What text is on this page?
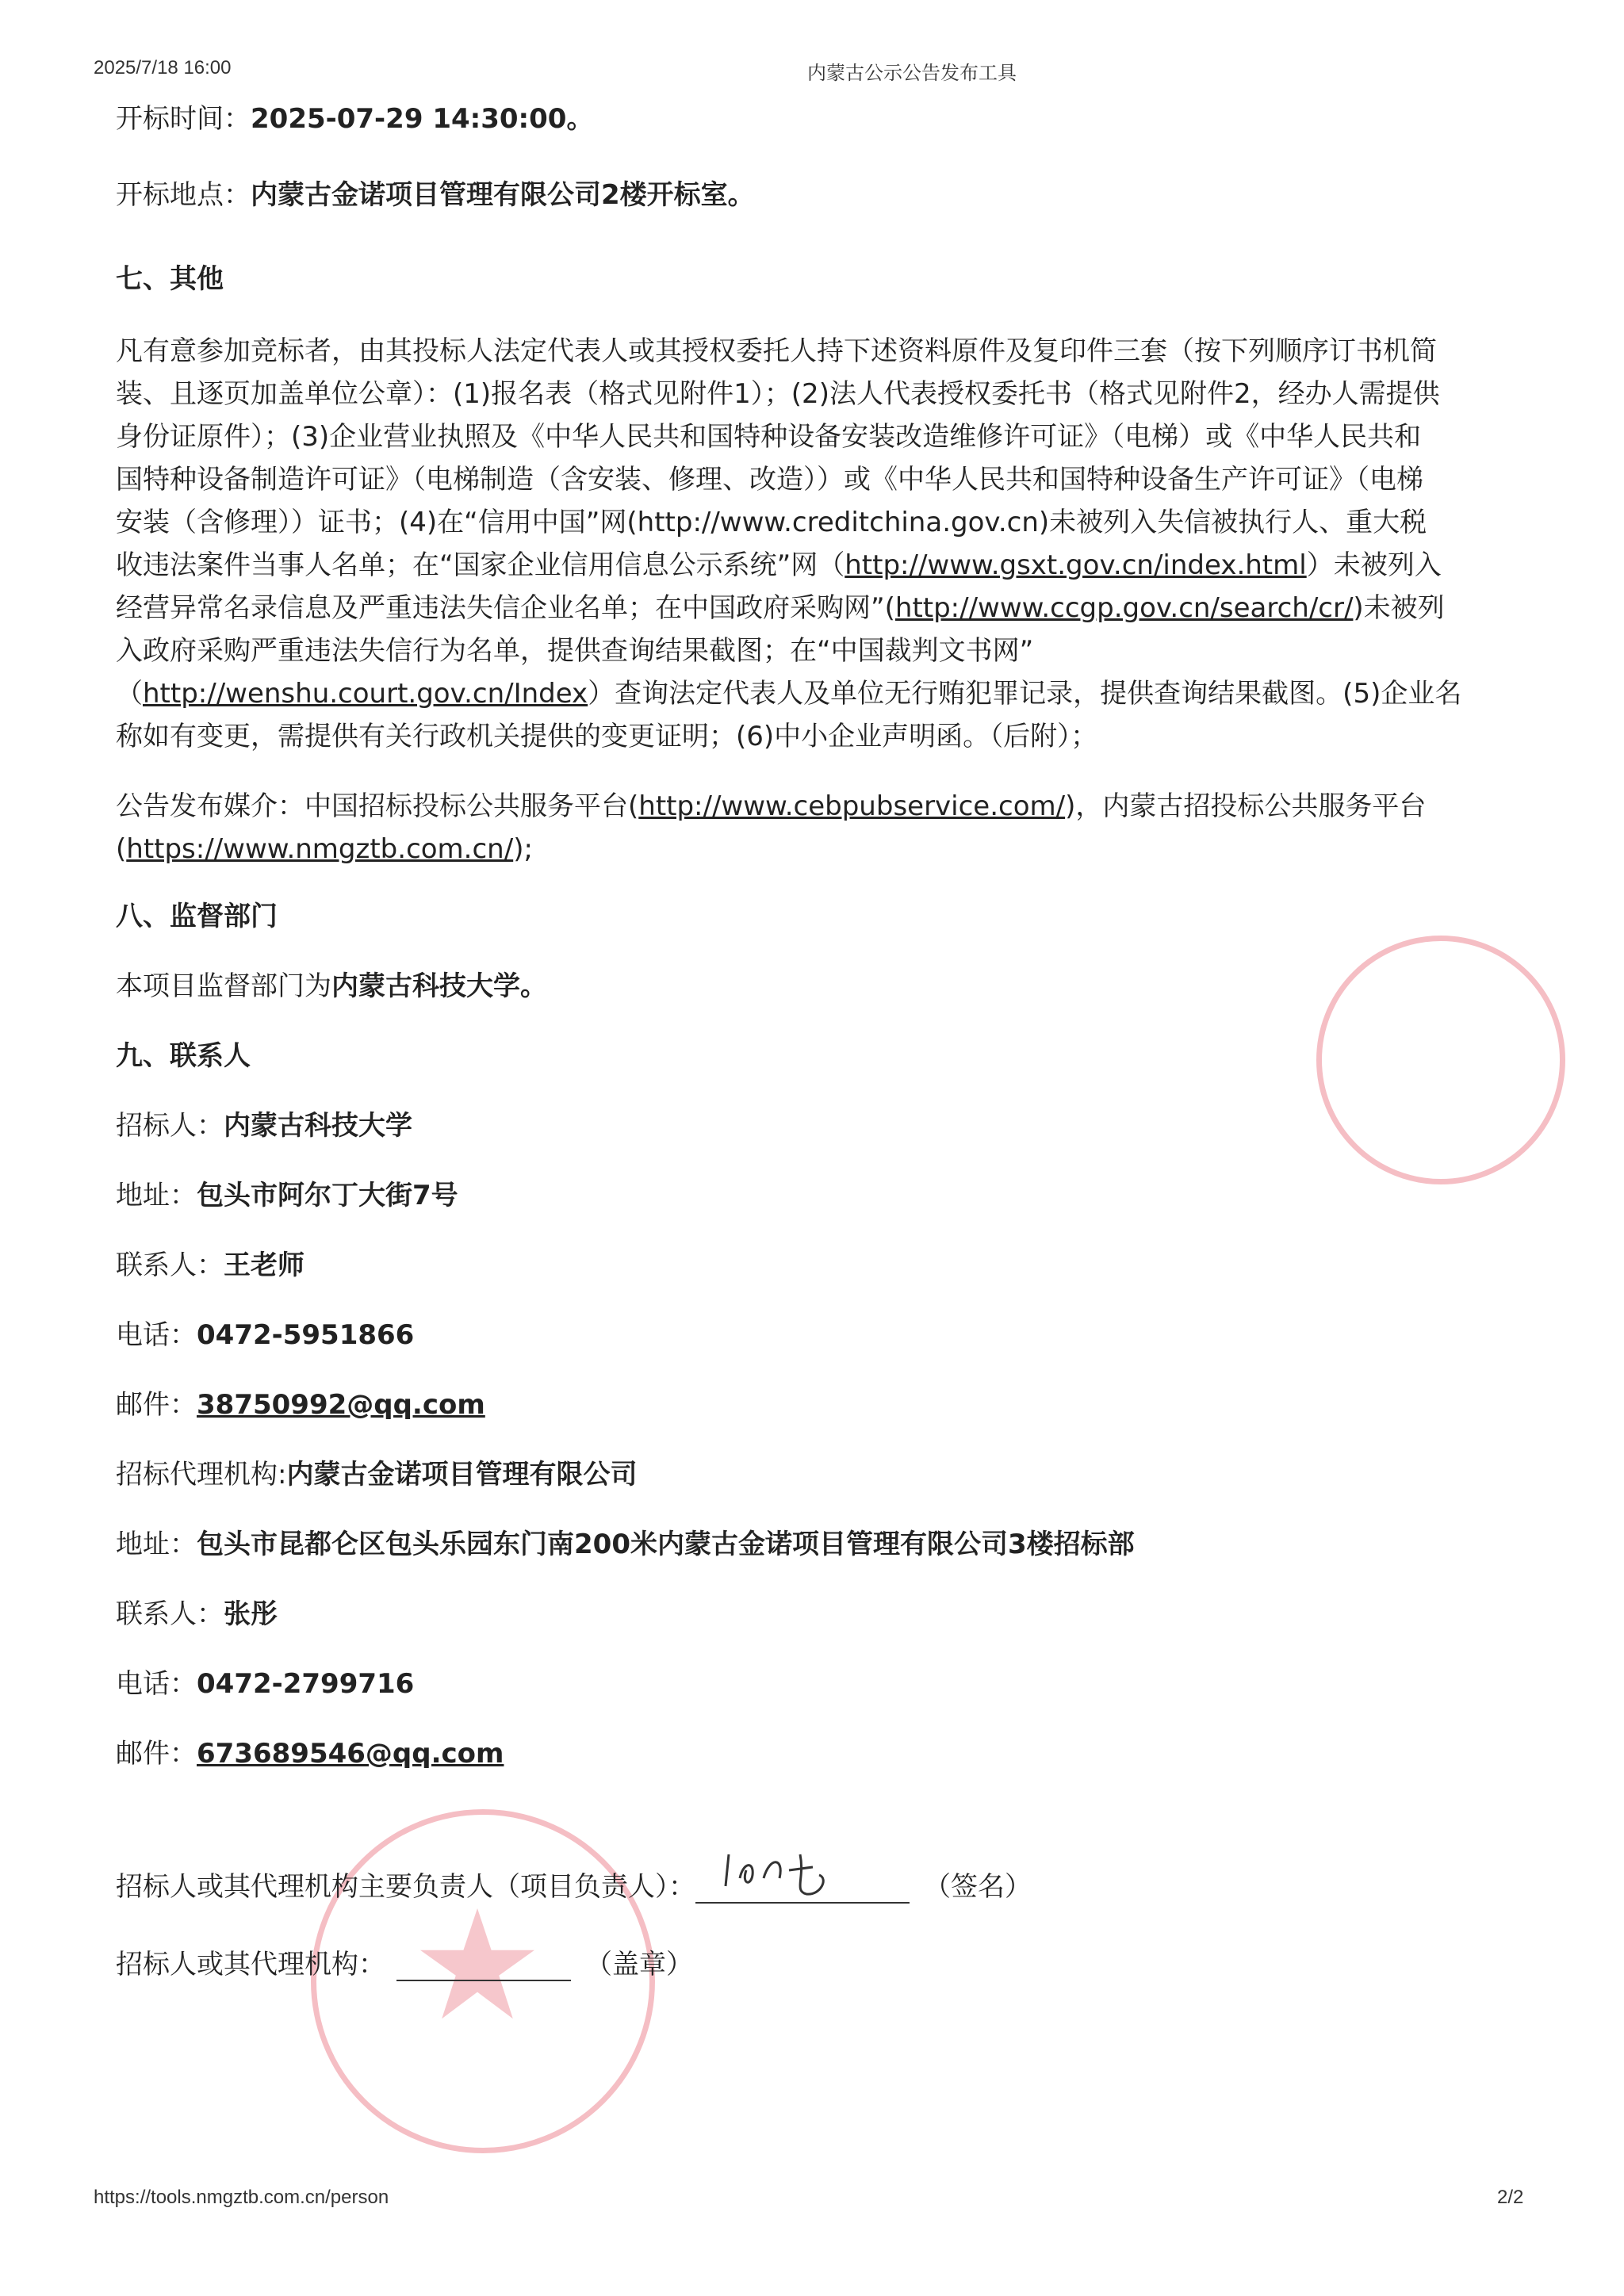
2025/7/18 16:00	内蒙古公示公告发布工具
开标时间：2025-07-29 14:30:00。
开标地点：内蒙古金诺项目管理有限公司2楼开标室。
七、其他
凡有意参加竞标者，由其投标人法定代表人或其授权委托人持下述资料原件及复印件三套（按下列顺序订书机简
装、且逐页加盖单位公章）：(1)报名表（格式见附件1）；(2)法人代表授权委托书（格式见附件2，经办人需提供
身份证原件）；(3)企业营业执照及《中华人民共和国特种设备安装改造维修许可证》（电梯）或《中华人民共和
国特种设备制造许可证》（电梯制造（含安装、修理、改造））或《中华人民共和国特种设备生产许可证》（电梯
安装（含修理））证书；(4)在“信用中国”网(http://www.creditchina.gov.cn)未被列入失信被执行人、重大税
收违法案件当事人名单；在“国家企业信用信息公示系统”网（http://www.gsxt.gov.cn/index.html）未被列入
经营异常名录信息及严重违法失信企业名单；在中国政府采购网”(http://www.ccgp.gov.cn/search/cr/)未被列
入政府采购严重违法失信行为名单，提供查询结果截图；在“中国裁判文书网”
（http://wenshu.court.gov.cn/Index）查询法定代表人及单位无行贿犯罪记录，提供查询结果截图。(5)企业名
称如有变更，需提供有关行政机关提供的变更证明；(6)中小企业声明函。（后附）；
公告发布媒介：中国招标投标公共服务平台(http://www.cebpubservice.com/)，内蒙古招投标公共服务平台
(https://www.nmgztb.com.cn/);
八、监督部门
本项目监督部门为内蒙古科技大学。
九、联系人
招标人：内蒙古科技大学
地址：包头市阿尔丁大街7号
联系人：王老师
电话：0472-5951866
邮件：38750992@qq.com
招标代理机构:内蒙古金诺项目管理有限公司
地址：包头市昆都仑区包头乐园东门南200米内蒙古金诺项目管理有限公司3楼招标部
联系人：张彤
电话：0472-2799716
邮件：673689546@qq.com
招标人或其代理机构主要负责人（项目负责人）：	（签名）
招标人或其代理机构：	（盖章）
https://tools.nmgztb.com.cn/person	2/2
